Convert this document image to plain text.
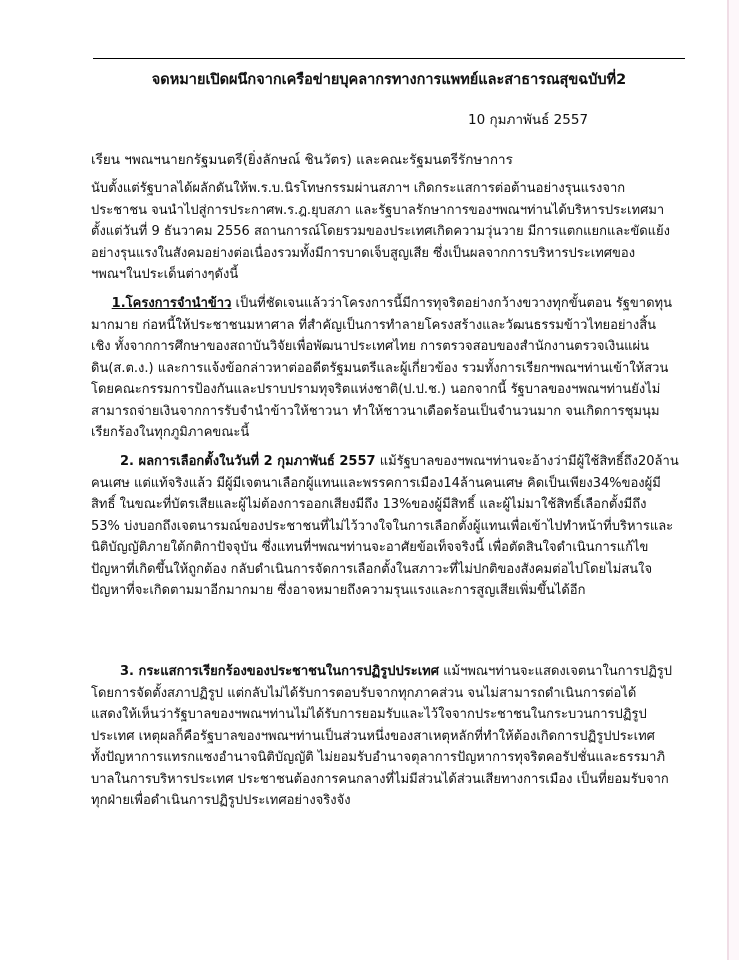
จดหมายเปิดผนึกจากเครือข่ายบุคลากรทางการแพทย์และสาธารณสุขฉบับที่2
10 กุมภาพันธ์ 2557
เรียน ฯพณฯนายกรัฐมนตรี(ยิ่งลักษณ์ ชินวัตร) และคณะรัฐมนตรีรักษาการ
นับตั้งแต่รัฐบาลได้ผลักดันให้พ.ร.บ.นิรโทษกรรมผ่านสภาฯ เกิดกระแสการต่อต้านอย่างรุนแรงจาก
ประชาชน จนนำไปสู่การประกาศพ.ร.ฎ.ยุบสภา และรัฐบาลรักษาการของฯพณฯท่านได้บริหารประเทศมา
ตั้งแต่วันที่ 9 ธันวาคม 2556 สถานการณ์โดยรวมของประเทศเกิดความวุ่นวาย มีการแตกแยกและขัดแย้ง
อย่างรุนแรงในสังคมอย่างต่อเนื่องรวมทั้งมีการบาดเจ็บสูญเสีย ซึ่งเป็นผลจากการบริหารประเทศของ
ฯพณฯในประเด็นต่างๆดังนี้
1.โครงการจำนำข้าว เป็นที่ชัดเจนแล้วว่าโครงการนี้มีการทุจริตอย่างกว้างขวางทุกขั้นตอน รัฐขาดทุน
มากมาย ก่อหนี้ให้ประชาชนมหาศาล ที่สำคัญเป็นการทำลายโครงสร้างและวัฒนธรรมข้าวไทยอย่างสิ้น
เชิง ทั้งจากการศึกษาของสถาบันวิจัยเพื่อพัฒนาประเทศไทย การตรวจสอบของสำนักงานตรวจเงินแผ่น
ดิน(ส.ต.ง.) และการแจ้งข้อกล่าวหาต่ออดีตรัฐมนตรีและผู้เกี่ยวข้อง รวมทั้งการเรียกฯพณฯท่านเข้าให้สวน
โดยคณะกรรมการป้องกันและปราบปรามทุจริตแห่งชาติ(ป.ป.ช.) นอกจากนี้ รัฐบาลของฯพณฯท่านยังไม่
สามารถจ่ายเงินจากการรับจำนำข้าวให้ชาวนา ทำให้ชาวนาเดือดร้อนเป็นจำนวนมาก จนเกิดการชุมนุม
เรียกร้องในทุกภูมิภาคขณะนี้
2. ผลการเลือกตั้งในวันที่ 2 กุมภาพันธ์ 2557 แม้รัฐบาลของฯพณฯท่านจะอ้างว่ามีผู้ใช้สิทธิ์ถึง20ล้าน
คนเศษ แต่แท้จริงแล้ว มีผู้มีเจตนาเลือกผู้แทนและพรรคการเมือง14ล้านคนเศษ คิดเป็นเพียง34%ของผู้มี
สิทธิ์ ในขณะที่บัตรเสียและผู้ไม่ต้องการออกเสียงมีถึง 13%ของผู้มีสิทธิ์ และผู้ไม่มาใช้สิทธิ์เลือกตั้งมีถึง
53% บ่งบอกถึงเจตนารมณ์ของประชาชนที่ไม่ไว้วางใจในการเลือกตั้งผู้แทนเพื่อเข้าไปทำหน้าที่บริหารและ
นิติบัญญัติภายใต้กติกาปัจจุบัน ซึ่งแทนที่ฯพณฯท่านจะอาศัยข้อเท็จจริงนี้ เพื่อตัดสินใจดำเนินการแก้ไข
ปัญหาที่เกิดขึ้นให้ถูกต้อง กลับดำเนินการจัดการเลือกตั้งในสภาวะที่ไม่ปกติของสังคมต่อไปโดยไม่สนใจ
ปัญหาที่จะเกิดตามมาอีกมากมาย ซึ่งอาจหมายถึงความรุนแรงและการสูญเสียเพิ่มขึ้นได้อีก
3. กระแสการเรียกร้องของประชาชนในการปฏิรูปประเทศ แม้ฯพณฯท่านจะแสดงเจตนาในการปฏิรูป
โดยการจัดตั้งสภาปฏิรูป แต่กลับไม่ได้รับการตอบรับจากทุกภาคส่วน จนไม่สามารถดำเนินการต่อได้
แสดงให้เห็นว่ารัฐบาลของฯพณฯท่านไม่ได้รับการยอมรับและไว้ใจจากประชาชนในกระบวนการปฏิรูป
ประเทศ เหตุผลก็คือรัฐบาลของฯพณฯท่านเป็นส่วนหนึ่งของสาเหตุหลักที่ทำให้ต้องเกิดการปฏิรูปประเทศ
ทั้งปัญหาการแทรกแซงอำนาจนิติบัญญัติ ไม่ยอมรับอำนาจตุลาการปัญหาการทุจริตคอรัปชั่นและธรรมาภิ
บาลในการบริหารประเทศ ประชาชนต้องการคนกลางที่ไม่มีส่วนได้ส่วนเสียทางการเมือง เป็นที่ยอมรับจาก
ทุกฝ่ายเพื่อดำเนินการปฏิรูปประเทศอย่างจริงจัง
